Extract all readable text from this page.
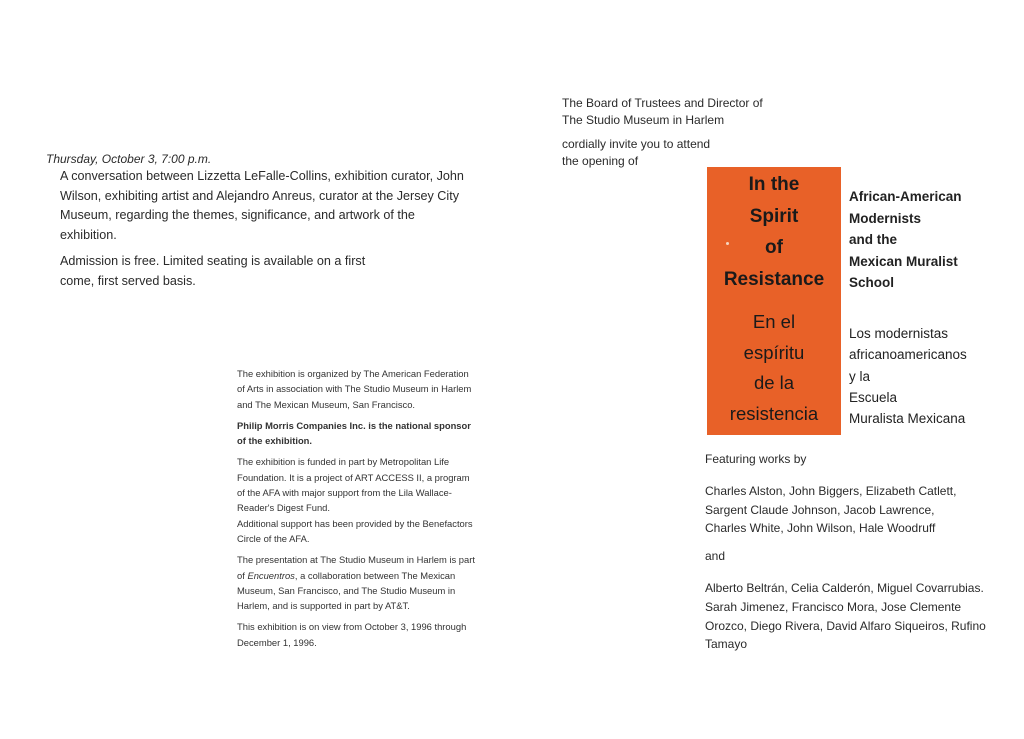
Thursday, October 3, 7:00 p.m.

A conversation between Lizzetta LeFalle-Collins, exhibition curator, John Wilson, exhibiting artist and Alejandro Anreus, curator at the Jersey City Museum, regarding the themes, significance, and artwork of the exhibition.

Admission is free. Limited seating is available on a first come, first served basis.

The exhibition is organized by The American Federation of Arts in association with The Studio Museum in Harlem and The Mexican Museum, San Francisco.

Philip Morris Companies Inc. is the national sponsor of the exhibition.

The exhibition is funded in part by Metropolitan Life Foundation. It is a project of ART ACCESS II, a program of the AFA with major support from the Lila Wallace-Reader's Digest Fund.

Additional support has been provided by the Benefactors Circle of the AFA.

The presentation at The Studio Museum in Harlem is part of Encuentros, a collaboration between The Mexican Museum, San Francisco, and The Studio Museum in Harlem, and is supported in part by AT&T.

This exhibition is on view from October 3, 1996 through December 1, 1996.

The Board of Trustees and Director of The Studio Museum in Harlem

cordially invite you to attend the opening of

In the
Spirit
of
Resistance
En el
espíritu
de la
resistencia
African-American
Modernists
and the
Mexican Muralist
School
Los modernistas
africanoamericanos
y la
Escuela
Muralista Mexicana

Featuring works by

Charles Alston, John Biggers, Elizabeth Catlett, Sargent Claude Johnson, Jacob Lawrence, Charles White, John Wilson, Hale Woodruff

and

Alberto Beltrán, Celia Calderón, Miguel Covarrubias. Sarah Jimenez, Francisco Mora, Jose Clemente Orozco, Diego Rivera, David Alfaro Siqueiros, Rufino Tamayo
